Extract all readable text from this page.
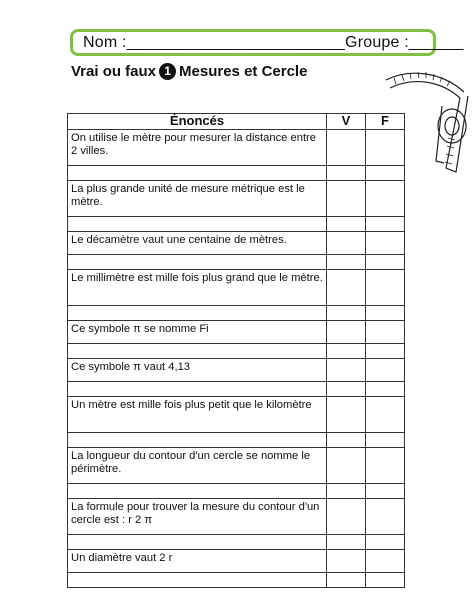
Nom :________________________ Groupe :______
Vrai ou faux 1 Mesures et Cercle
Énoncés	V	F
On utilise le mètre pour mesurer la distance entre 2 villes.		

La plus grande unité de mesure métrique est le mètre.		

Le décamètre vaut une centaine de mètres.		

Le millimètre est mille fois plus grand que le mètre.		

Ce symbole π se nomme Fi		

Ce symbole π vaut 4,13		

Un mètre est mille fois plus petit que le kilomètre		

La longueur du contour d'un cercle se nomme le périmètre.		

La formule pour trouver la mesure du contour d'un cercle est : r 2 π		

Un diamètre vaut 2 r		
